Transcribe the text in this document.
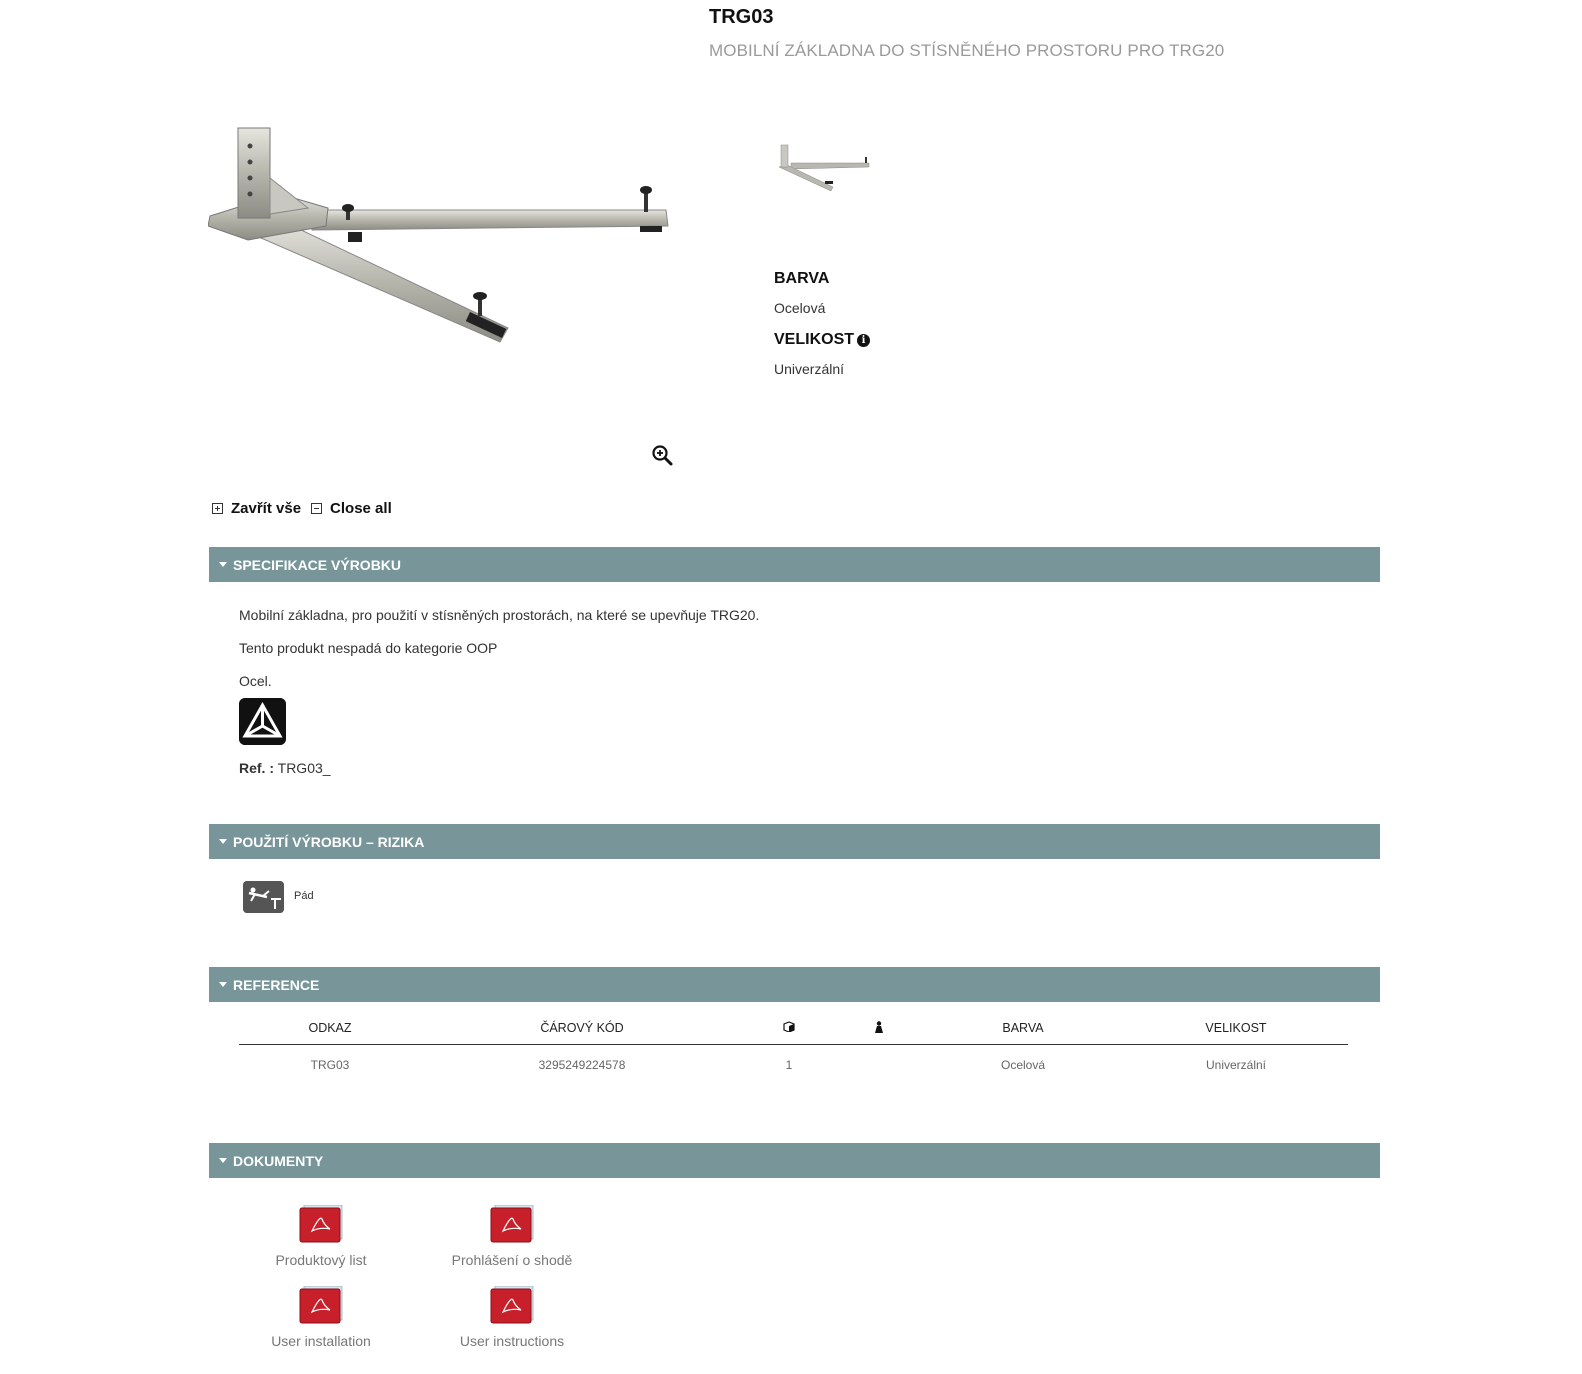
TRG03
MOBILNÍ ZÁKLADNA DO STÍSNĚNÉHO PROSTORU PRO TRG20
BARVA
Ocelová
VELIKOST i
Univerzální
Zavřít vše Close all
SPECIFIKACE VÝROBKU
Mobilní základna, pro použití v stísněných prostorách, na které se upevňuje TRG20.
Tento produkt nespadá do kategorie OOP
Ocel.
Ref. : TRG03_
POUŽITÍ VÝROBKU – RIZIKA
Pád
REFERENCE
ODKAZ	ČÁROVÝ KÓD			BARVA	VELIKOST
TRG03	3295249224578	1		Ocelová	Univerzální
DOKUMENTY
Produktový list	Prohlášení o shodě
User installation	User instructions
